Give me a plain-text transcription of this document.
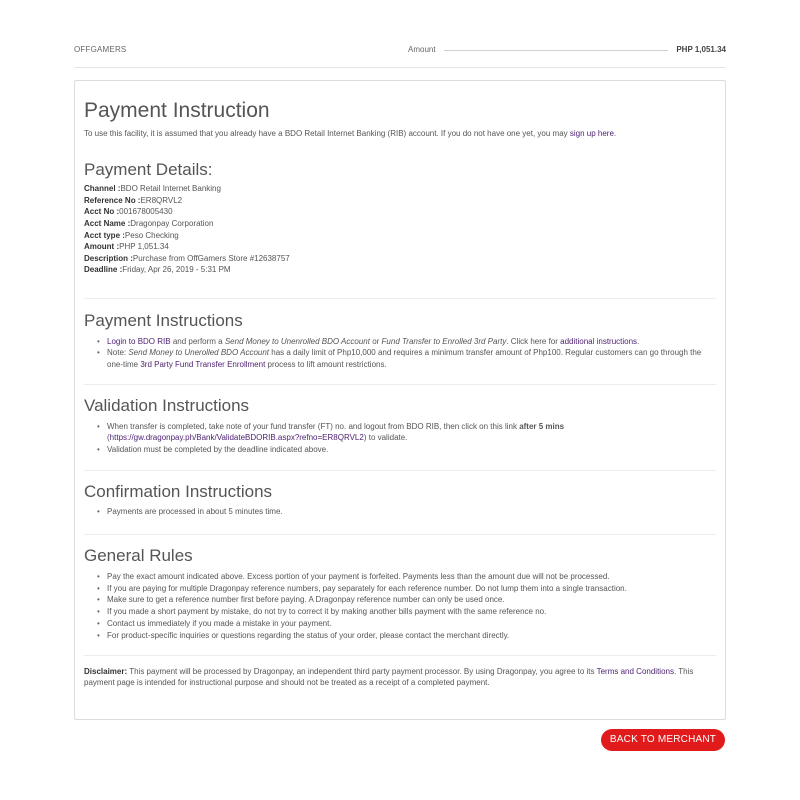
OFFGAMERS	Amount	PHP 1,051.34
Payment Instruction

To use this facility, it is assumed that you already have a BDO Retail Internet Banking (RIB) account. If you do not have one yet, you may sign up here.

Payment Details:
Channel :BDO Retail Internet Banking
Reference No :ER8QRVL2
Acct No :001678005430
Acct Name :Dragonpay Corporation
Acct type :Peso Checking
Amount :PHP 1,051.34
Description :Purchase from OffGamers Store #12638757
Deadline :Friday, Apr 26, 2019 - 5:31 PM
Payment Instructions
• Login to BDO RIB and perform a Send Money to Unenrolled BDO Account or Fund Transfer to Enrolled 3rd Party. Click here for additional instructions.
• Note: Send Money to Unerolled BDO Account has a daily limit of Php10,000 and requires a minimum transfer amount of Php100. Regular customers can go through the one-time 3rd Party Fund Transfer Enrollment process to lift amount restrictions.
Validation Instructions
• When transfer is completed, take note of your fund transfer (FT) no. and logout from BDO RIB, then click on this link after 5 mins (https://gw.dragonpay.ph/Bank/ValidateBDORIB.aspx?refno=ER8QRVL2) to validate.
• Validation must be completed by the deadline indicated above.
Confirmation Instructions
• Payments are processed in about 5 minutes time.
General Rules
• Pay the exact amount indicated above. Excess portion of your payment is forfeited. Payments less than the amount due will not be processed.
• If you are paying for multiple Dragonpay reference numbers, pay separately for each reference number. Do not lump them into a single transaction.
• Make sure to get a reference number first before paying. A Dragonpay reference number can only be used once.
• If you made a short payment by mistake, do not try to correct it by making another bills payment with the same reference no.
• Contact us immediately if you made a mistake in your payment.
• For product-specific inquiries or questions regarding the status of your order, please contact the merchant directly.

Disclaimer: This payment will be processed by Dragonpay, an independent third party payment processor. By using Dragonpay, you agree to its Terms and Conditions. This payment page is intended for instructional purpose and should not be treated as a receipt of a completed payment.

BACK TO MERCHANT
